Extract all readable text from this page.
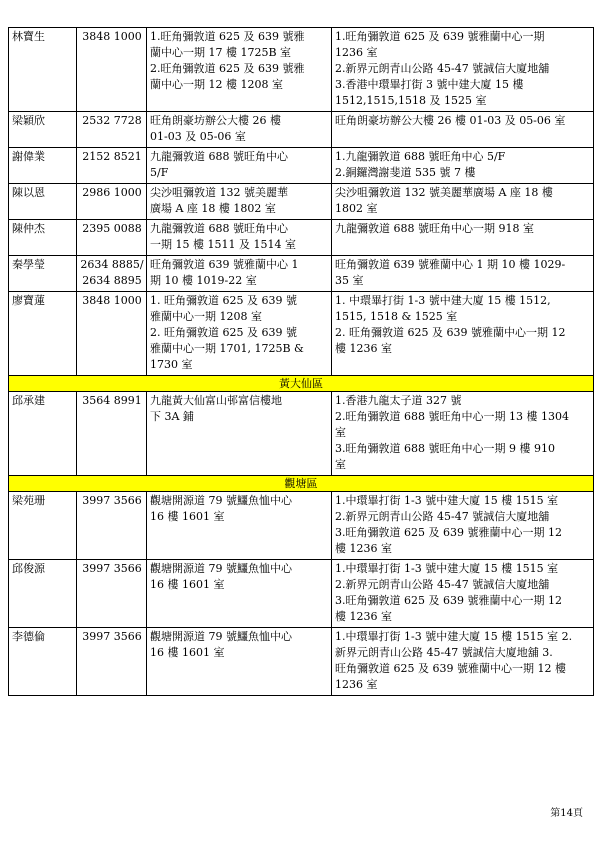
林寶生	3848 1000	1.旺角彌敦道 625 及 639 號雅
蘭中心一期 17 樓 1725B 室
2.旺角彌敦道 625 及 639 號雅
蘭中心一期 12 樓 1208 室	1.旺角彌敦道 625 及 639 號雅蘭中心一期
1236 室
2.新界元朗青山公路 45-47 號誠信大廈地舖
3.香港中環畢打街 3 號中建大廈 15 樓
1512,1515,1518 及 1525 室

梁穎欣	2532 7728	旺角朗豪坊辦公大樓 26 樓
01-03 及 05-06 室	旺角朗豪坊辦公大樓 26 樓 01-03 及 05-06 室

謝偉業	2152 8521	九龍彌敦道 688 號旺角中心
5/F	1.九龍彌敦道 688 號旺角中心 5/F
2.銅鑼灣謝斐道 535 號 7 樓

陳以恩	2986 1000	尖沙咀彌敦道 132 號美麗華
廣場 A 座 18 樓 1802 室	尖沙咀彌敦道 132 號美麗華廣場 A 座 18 樓
1802 室

陳仲杰	2395 0088	九龍彌敦道 688 號旺角中心
一期 15 樓 1511 及 1514 室	九龍彌敦道 688 號旺角中心一期 918 室

秦學瑩	2634 8885/
2634 8895	旺角彌敦道 639 號雅蘭中心 1
期 10 樓 1019-22 室	旺角彌敦道 639 號雅蘭中心 1 期 10 樓 1029-
35 室

廖寶蓮	3848 1000	1. 旺角彌敦道 625 及 639 號
雅蘭中心一期 1208 室
2. 旺角彌敦道 625 及 639 號
雅蘭中心一期 1701, 1725B &
1730 室	1. 中環畢打街 1-3 號中建大廈 15 樓 1512,
1515, 1518 & 1525 室
2. 旺角彌敦道 625 及 639 號雅蘭中心一期 12
樓 1236 室

黃大仙區			

邱承建	3564 8991	九龍黃大仙富山邨富信樓地
下 3A 鋪	1.香港九龍太子道 327 號
2.旺角彌敦道 688 號旺角中心一期 13 樓 1304
室
3.旺角彌敦道 688 號旺角中心一期 9 樓 910
室

觀塘區			

梁苑珊	3997 3566	觀塘開源道 79 號鱷魚恤中心
16 樓 1601 室	1.中環畢打街 1-3 號中建大廈 15 樓 1515 室
2.新界元朗青山公路 45-47 號誠信大廈地舖
3.旺角彌敦道 625 及 639 號雅蘭中心一期 12
樓 1236 室

邱俊源	3997 3566	觀塘開源道 79 號鱷魚恤中心
16 樓 1601 室	1.中環畢打街 1-3 號中建大廈 15 樓 1515 室
2.新界元朗青山公路 45-47 號誠信大廈地舖
3.旺角彌敦道 625 及 639 號雅蘭中心一期 12
樓 1236 室

李德倫	3997 3566	觀塘開源道 79 號鱷魚恤中心
16 樓 1601 室	1.中環畢打街 1-3 號中建大廈 15 樓 1515 室 2.
新界元朗青山公路 45-47 號誠信大廈地舖 3.
旺角彌敦道 625 及 639 號雅蘭中心一期 12 樓
1236 室
第14頁
